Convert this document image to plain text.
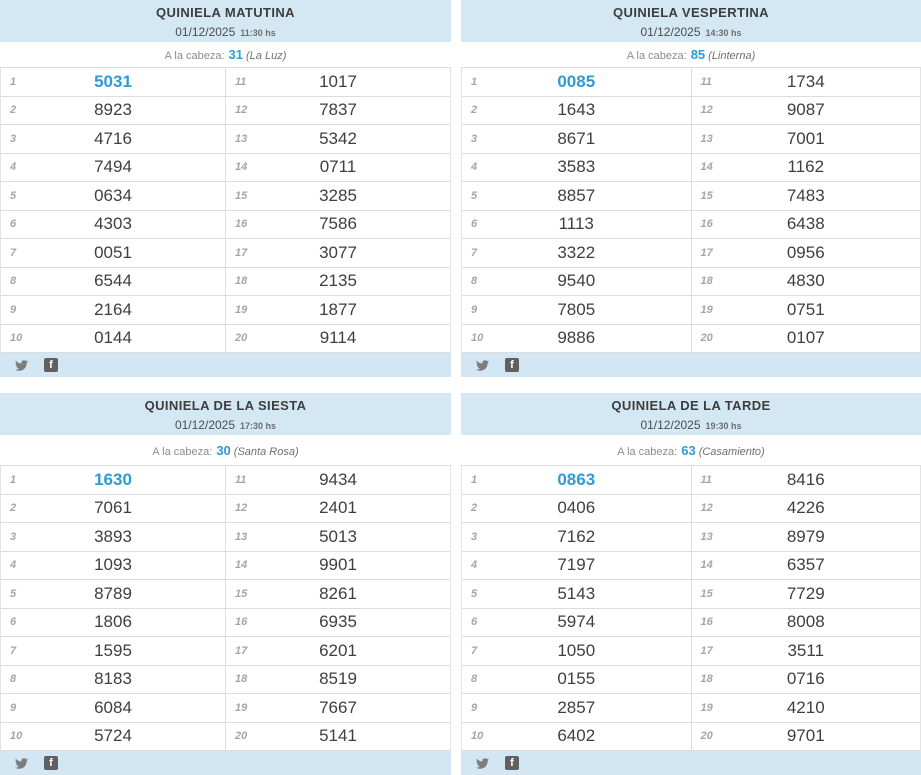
QUINIELA MATUTINA
01/12/2025 11:30 hs
A la cabeza: 31 (La Luz)
1	5031	11	1017
2	8923	12	7837
3	4716	13	5342
4	7494	14	0711
5	0634	15	3285
6	4303	16	7586
7	0051	17	3077
8	6544	18	2135
9	2164	19	1877
10	0144	20	9114
f
QUINIELA VESPERTINA
01/12/2025 14:30 hs
A la cabeza: 85 (Linterna)
1	0085	11	1734
2	1643	12	9087
3	8671	13	7001
4	3583	14	1162
5	8857	15	7483
6	1113	16	6438
7	3322	17	0956
8	9540	18	4830
9	7805	19	0751
10	9886	20	0107
f
QUINIELA DE LA SIESTA
01/12/2025 17:30 hs
A la cabeza: 30 (Santa Rosa)
1	1630	11	9434
2	7061	12	2401
3	3893	13	5013
4	1093	14	9901
5	8789	15	8261
6	1806	16	6935
7	1595	17	6201
8	8183	18	8519
9	6084	19	7667
10	5724	20	5141
f
QUINIELA DE LA TARDE
01/12/2025 19:30 hs
A la cabeza: 63 (Casamiento)
1	0863	11	8416
2	0406	12	4226
3	7162	13	8979
4	7197	14	6357
5	5143	15	7729
6	5974	16	8008
7	1050	17	3511
8	0155	18	0716
9	2857	19	4210
10	6402	20	9701
f
